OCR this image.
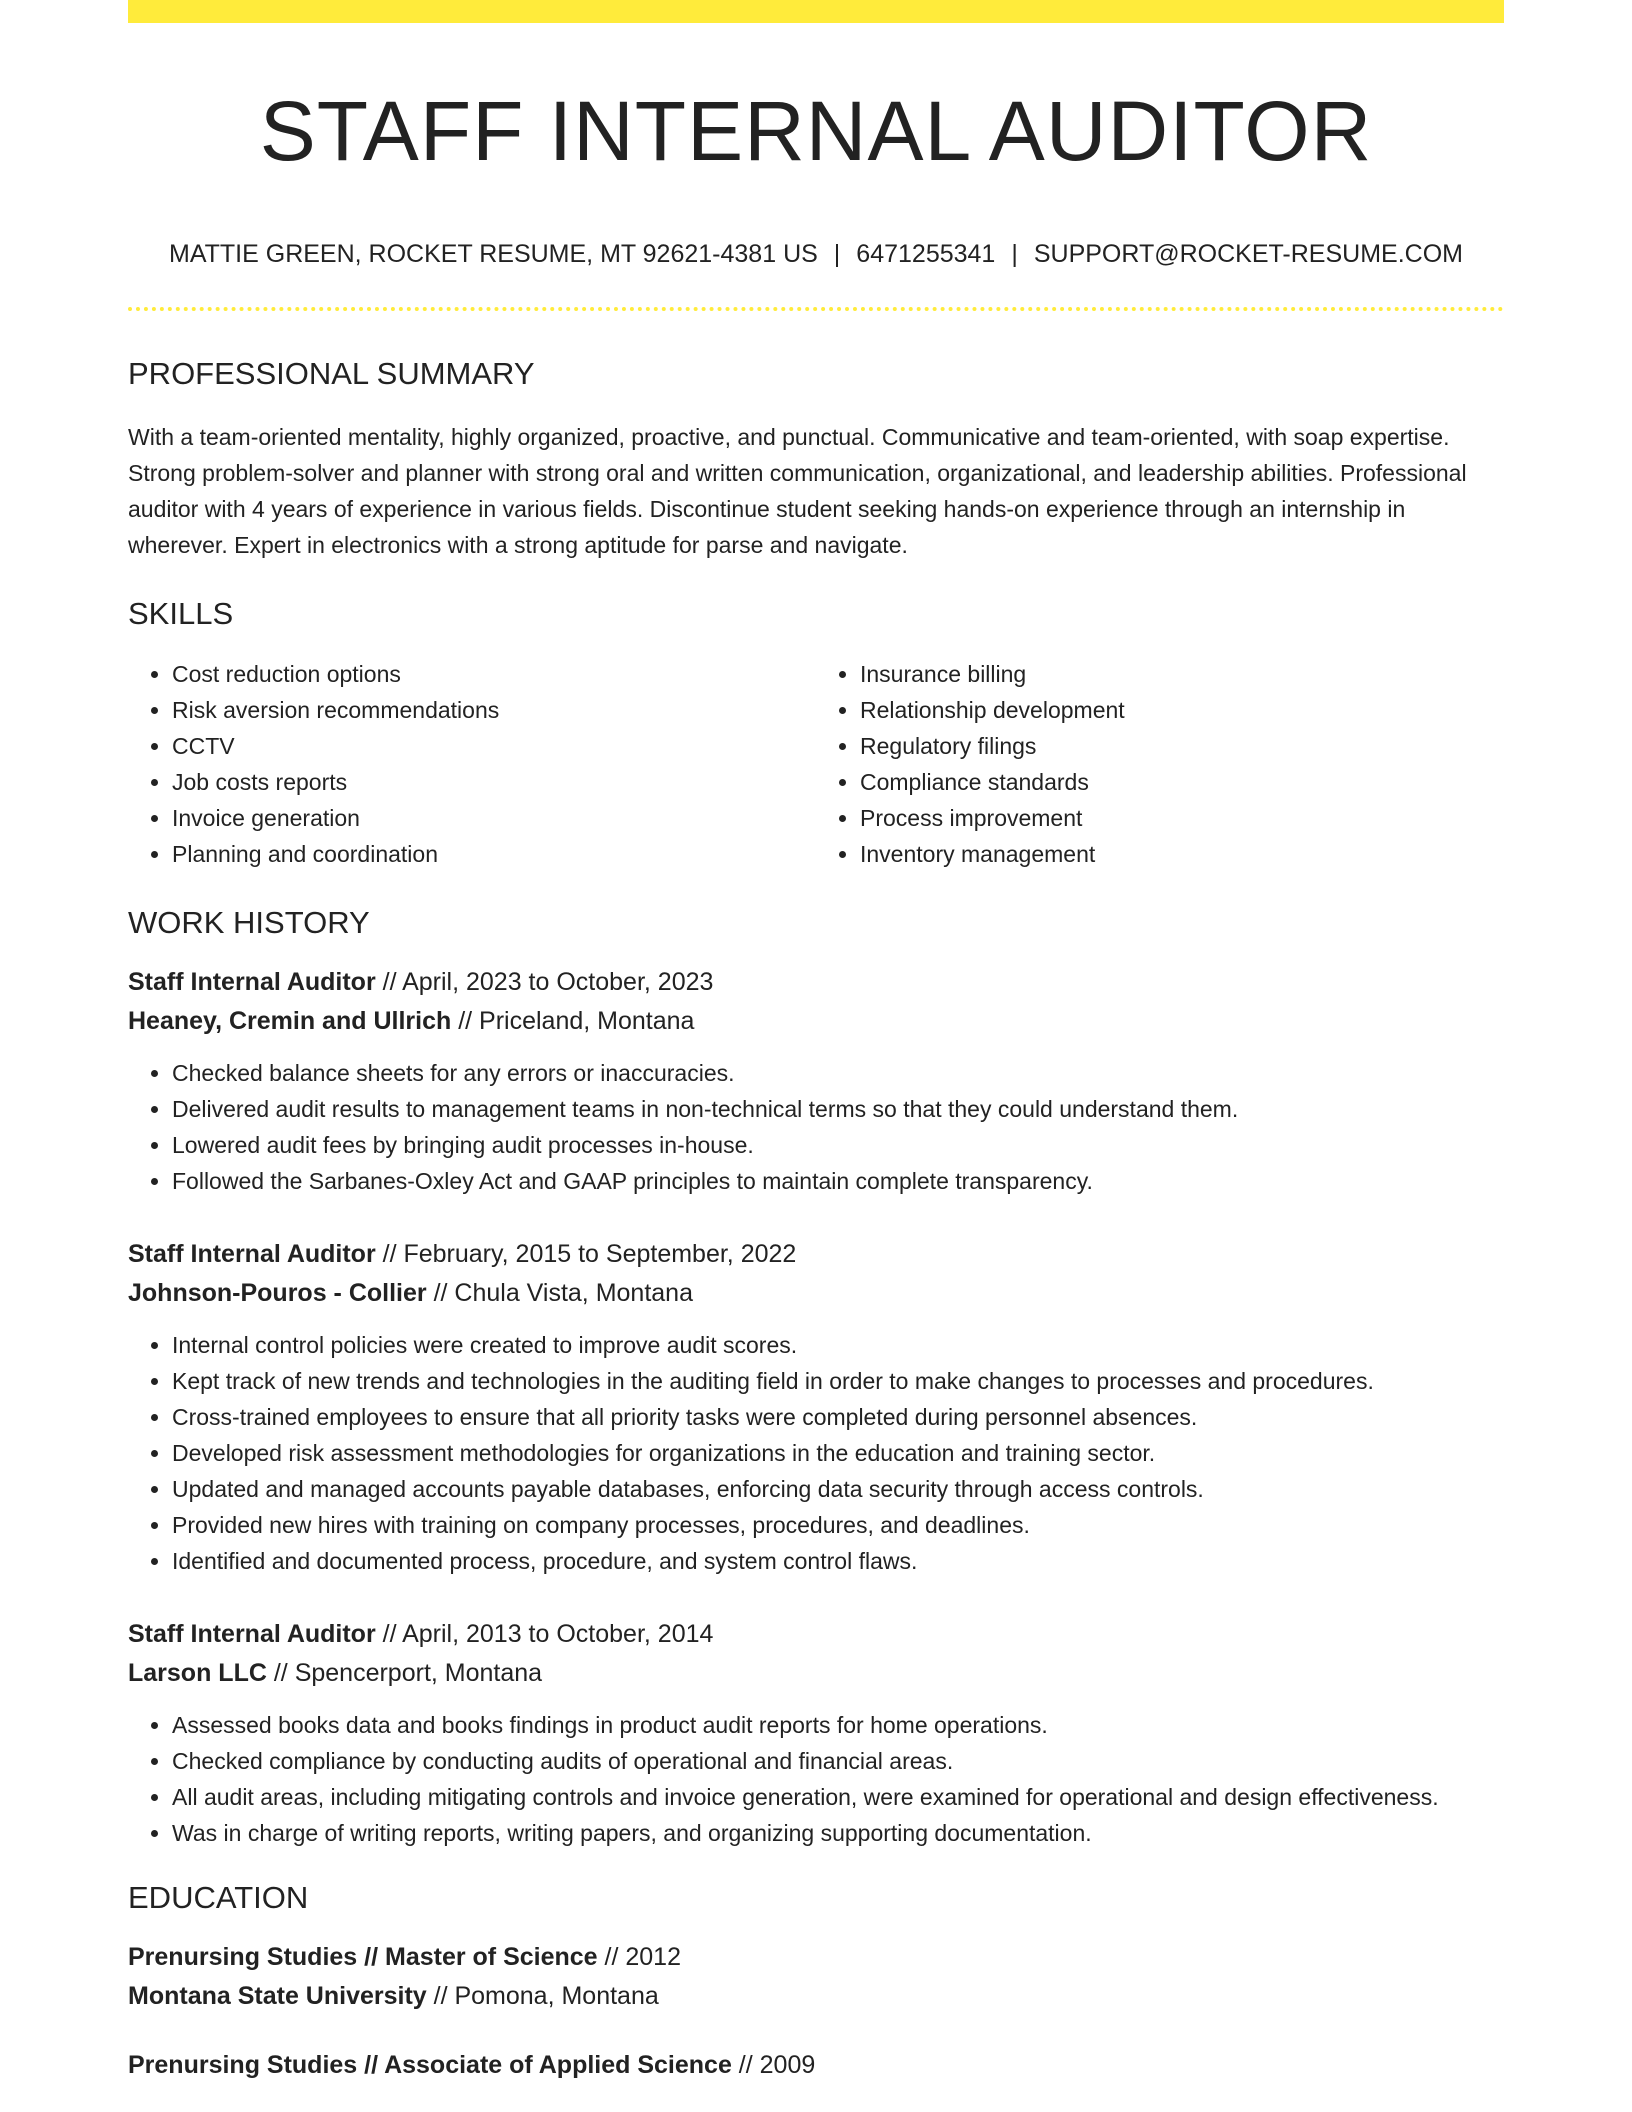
STAFF INTERNAL AUDITOR
MATTIE GREEN, ROCKET RESUME, MT 92621-4381 US | 6471255341 | SUPPORT@ROCKET-RESUME.COM
PROFESSIONAL SUMMARY

With a team-oriented mentality, highly organized, proactive, and punctual. Communicative and team-oriented, with soap expertise. Strong problem-solver and planner with strong oral and written communication, organizational, and leadership abilities. Professional auditor with 4 years of experience in various fields. Discontinue student seeking hands-on experience through an internship in wherever. Expert in electronics with a strong aptitude for parse and navigate.

SKILLS
• Cost reduction options
• Risk aversion recommendations
• CCTV
• Job costs reports
• Invoice generation
• Planning and coordination
• Insurance billing
• Relationship development
• Regulatory filings
• Compliance standards
• Process improvement
• Inventory management
WORK HISTORY
Staff Internal Auditor // April, 2023 to October, 2023
Heaney, Cremin and Ullrich // Priceland, Montana
• Checked balance sheets for any errors or inaccuracies.
• Delivered audit results to management teams in non-technical terms so that they could understand them.
• Lowered audit fees by bringing audit processes in-house.
• Followed the Sarbanes-Oxley Act and GAAP principles to maintain complete transparency.
Staff Internal Auditor // February, 2015 to September, 2022
Johnson-Pouros - Collier // Chula Vista, Montana
• Internal control policies were created to improve audit scores.
• Kept track of new trends and technologies in the auditing field in order to make changes to processes and procedures.
• Cross-trained employees to ensure that all priority tasks were completed during personnel absences.
• Developed risk assessment methodologies for organizations in the education and training sector.
• Updated and managed accounts payable databases, enforcing data security through access controls.
• Provided new hires with training on company processes, procedures, and deadlines.
• Identified and documented process, procedure, and system control flaws.
Staff Internal Auditor // April, 2013 to October, 2014
Larson LLC // Spencerport, Montana
• Assessed books data and books findings in product audit reports for home operations.
• Checked compliance by conducting audits of operational and financial areas.
• All audit areas, including mitigating controls and invoice generation, were examined for operational and design effectiveness.
• Was in charge of writing reports, writing papers, and organizing supporting documentation.
EDUCATION
Prenursing Studies // Master of Science // 2012
Montana State University // Pomona, Montana
Prenursing Studies // Associate of Applied Science // 2009
